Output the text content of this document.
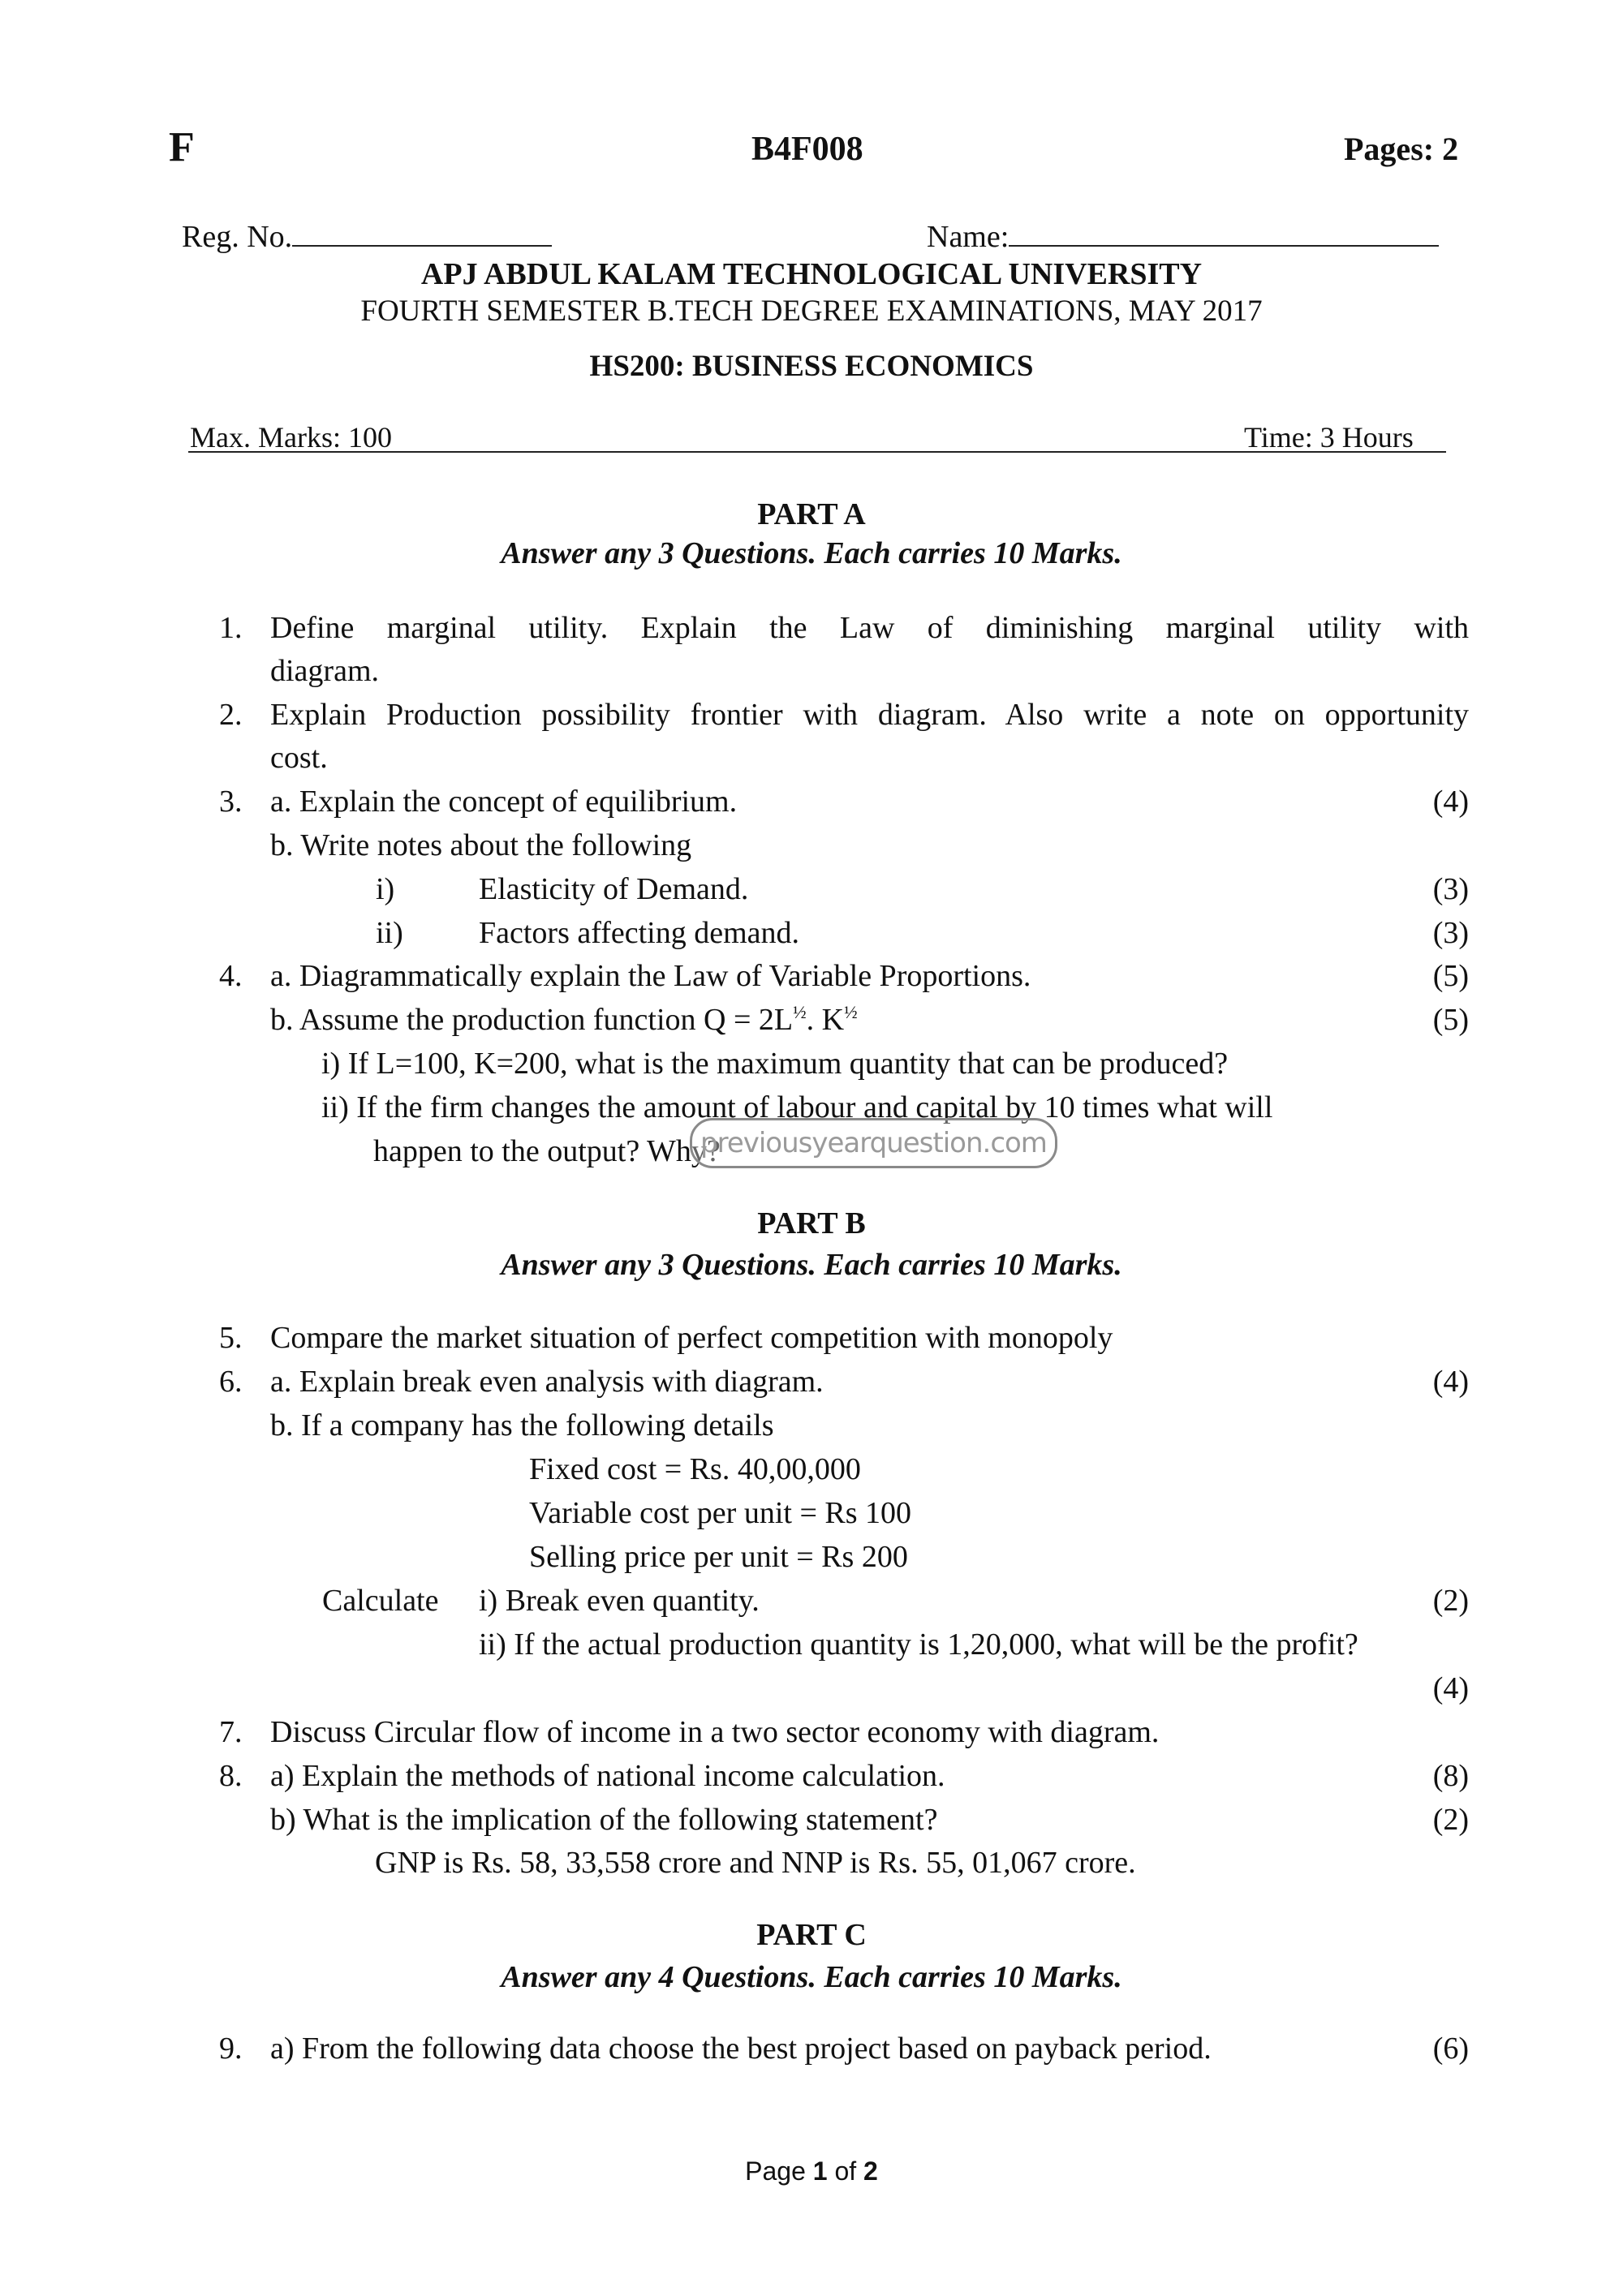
F	B4F008	Pages: 2
Reg. No.	Name:
APJ ABDUL KALAM TECHNOLOGICAL UNIVERSITY
FOURTH SEMESTER B.TECH DEGREE EXAMINATIONS, MAY 2017
HS200: BUSINESS ECONOMICS
Max. Marks: 100	Time: 3 Hours
PART A
Answer any 3 Questions. Each carries 10 Marks.
1. Define marginal utility. Explain the Law of diminishing marginal utility with
diagram.
2. Explain Production possibility frontier with diagram. Also write a note on opportunity
cost.
3. a. Explain the concept of equilibrium.	(4)
b. Write notes about the following
i)	Elasticity of Demand.	(3)
ii) Factors affecting demand.	(3)
4. a. Diagrammatically explain the Law of Variable Proportions.	(5)
b. Assume the production function $Q = 2L^{\frac{1}{2}}$. $K^{\frac{1}{2}}$	(5)
i) If L=100, K=200, what is the maximum quantity that can be produced?
ii) If the firm changes the amount of labour and capital by 10 times what will
happen to the output? Why?
previousyearquestion.com
PART B
Answer any 3 Questions. Each carries 10 Marks.
5. Compare the market situation of perfect competition with monopoly
6. a. Explain break even analysis with diagram.	(4)
b. If a company has the following details
Fixed cost = Rs. 40,00,000
Variable cost per unit = Rs 100
Selling price per unit = Rs 200
Calculate i) Break even quantity.	(2)
ii) If the actual production quantity is 1,20,000, what will be the profit?
(4)
7. Discuss Circular flow of income in a two sector economy with diagram.
8. a) Explain the methods of national income calculation.	(8)
b) What is the implication of the following statement?	(2)
GNP is Rs. 58, 33,558 crore and NNP is Rs. 55, 01,067 crore.
PART C
Answer any 4 Questions. Each carries 10 Marks.
9. a) From the following data choose the best project based on payback period.	(6)
Page 1 of 2
